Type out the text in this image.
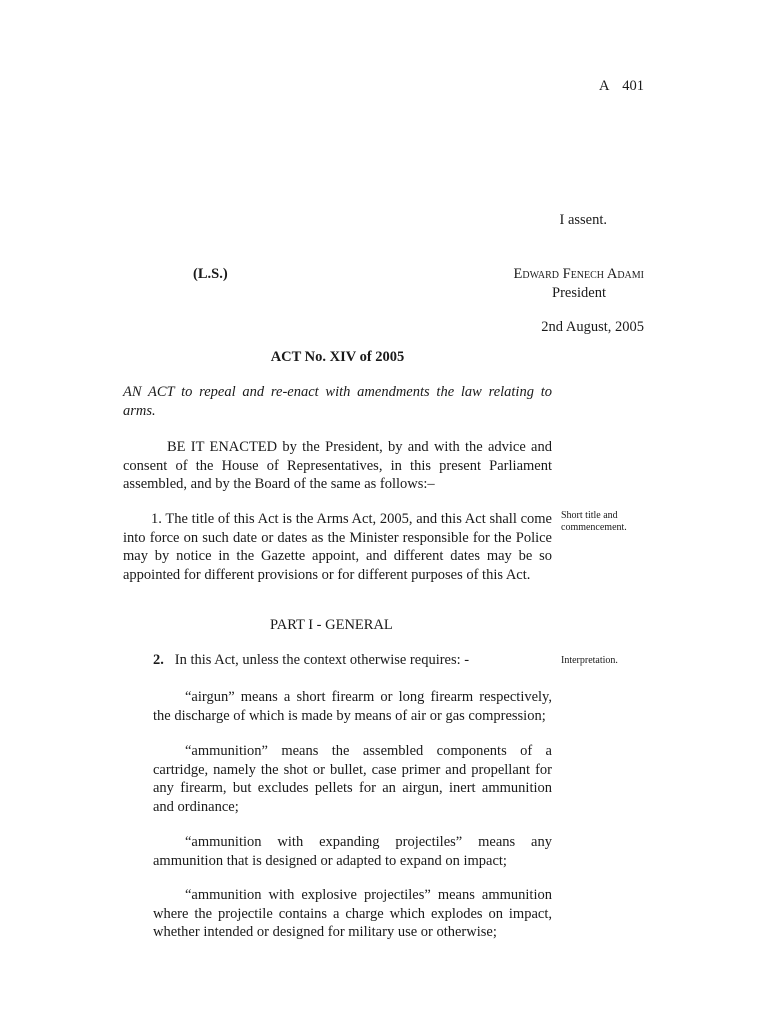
A 401
I assent.
(L.S.)	Edward Fenech Adami
President
2nd August, 2005
ACT No. XIV of 2005
AN ACT to repeal and re-enact with amendments the law relating to arms.
BE IT ENACTED by the President, by and with the advice and consent of the House of Representatives, in this present Parliament assembled, and by the Board of the same as follows:–
1. The title of this Act is the Arms Act, 2005, and this Act shall come into force on such date or dates as the Minister responsible for the Police may by notice in the Gazette appoint, and different dates may be so appointed for different provisions or for different purposes of this Act.
Short title and commencement.
PART I - GENERAL
2. In this Act, unless the context otherwise requires: -	Interpretation.
“airgun” means a short firearm or long firearm respectively, the discharge of which is made by means of air or gas compression;
“ammunition” means the assembled components of a cartridge, namely the shot or bullet, case primer and propellant for any firearm, but excludes pellets for an airgun, inert ammunition and ordinance;
“ammunition with expanding projectiles” means any ammunition that is designed or adapted to expand on impact;
“ammunition with explosive projectiles” means ammunition where the projectile contains a charge which explodes on impact, whether intended or designed for military use or otherwise;
